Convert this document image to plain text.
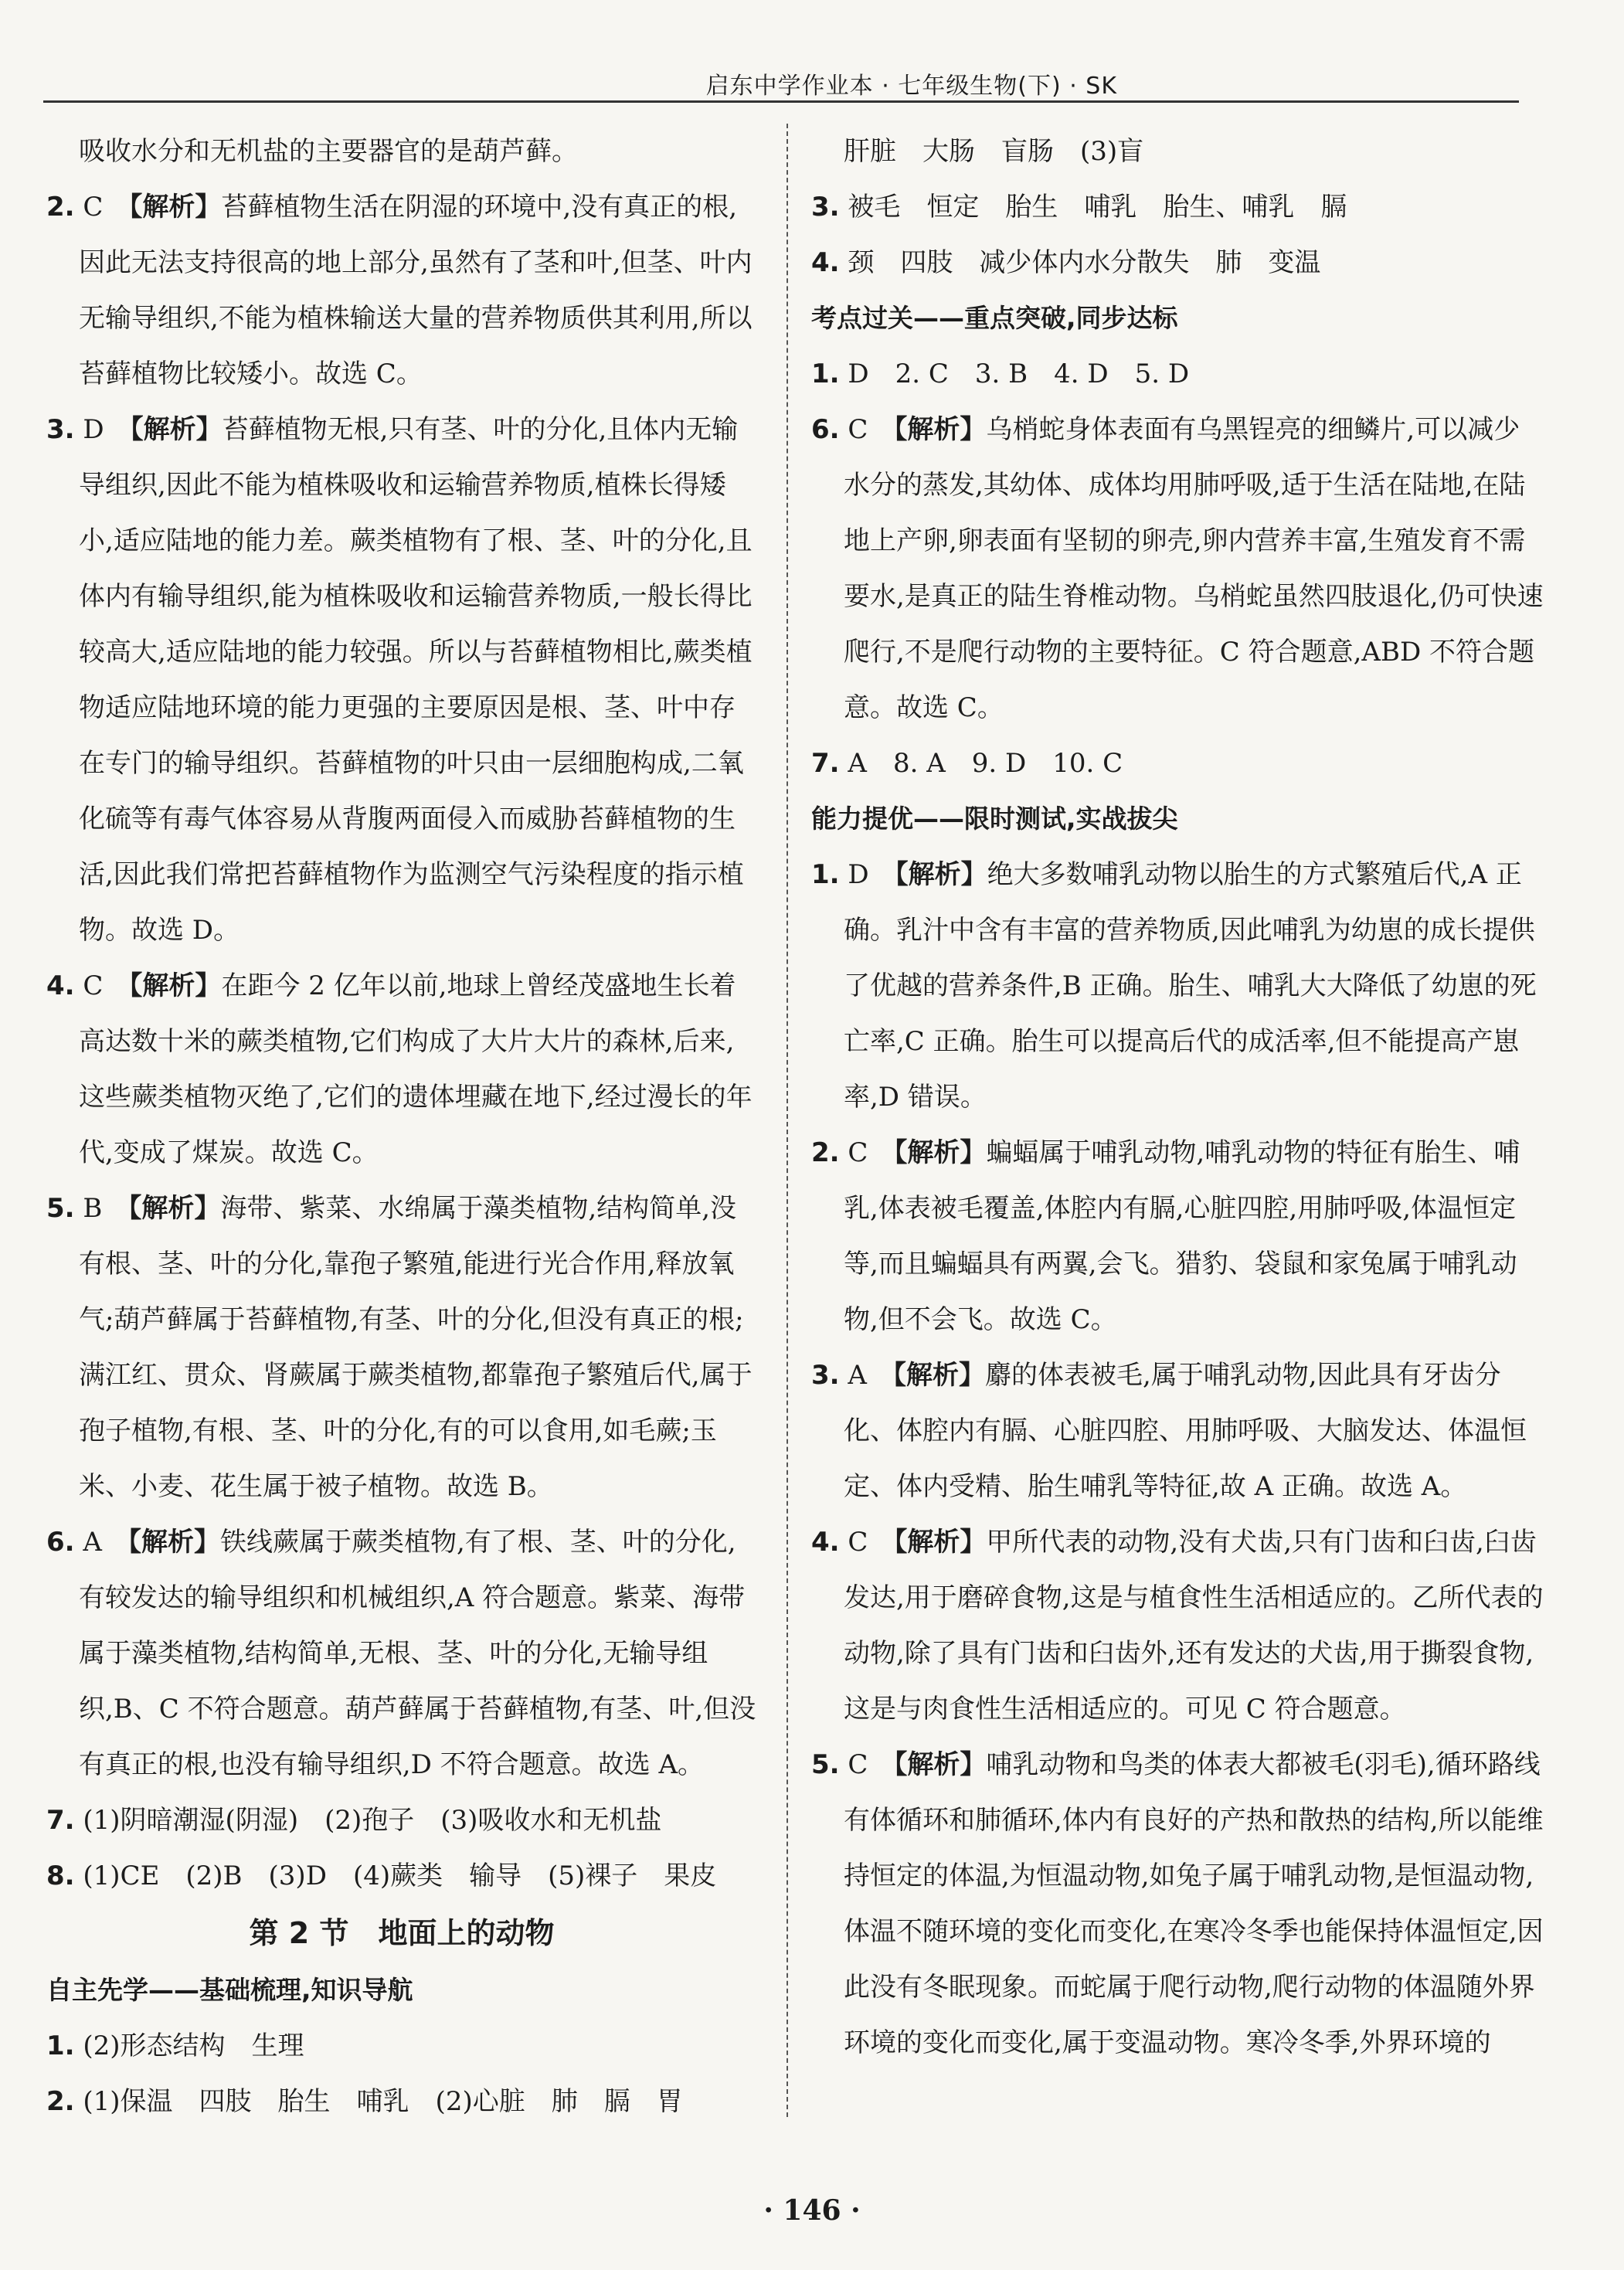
启东中学作业本 · 七年级生物(下) · SK

吸收水分和无机盐的主要器官的是葫芦藓。

2. C　 【解析】苔藓植物生活在阴湿的环境中,没有真正的根,因此无法支持很高的地上部分,虽然有了茎和叶,但茎、叶内无输导组织,不能为植株输送大量的营养物质供其利用,所以苔藓植物比较矮小。故选 C。

3. D　 【解析】苔藓植物无根,只有茎、叶的分化,且体内无输导组织,因此不能为植株吸收和运输营养物质,植株长得矮小,适应陆地的能力差。蕨类植物有了根、茎、叶的分化,且体内有输导组织,能为植株吸收和运输营养物质,一般长得比较高大,适应陆地的能力较强。所以与苔藓植物相比,蕨类植物适应陆地环境的能力更强的主要原因是根、茎、叶中存在专门的输导组织。苔藓植物的叶只由一层细胞构成,二氧化硫等有毒气体容易从背腹两面侵入而威胁苔藓植物的生活,因此我们常把苔藓植物作为监测空气污染程度的指示植物。故选 D。

4. C　 【解析】在距今 2 亿年以前,地球上曾经茂盛地生长着高达数十米的蕨类植物,它们构成了大片大片的森林,后来,这些蕨类植物灭绝了,它们的遗体埋藏在地下,经过漫长的年代,变成了煤炭。故选 C。

5. B　 【解析】海带、紫菜、水绵属于藻类植物,结构简单,没有根、茎、叶的分化,靠孢子繁殖,能进行光合作用,释放氧气;葫芦藓属于苔藓植物,有茎、叶的分化,但没有真正的根;满江红、贯众、肾蕨属于蕨类植物,都靠孢子繁殖后代,属于孢子植物,有根、茎、叶的分化,有的可以食用,如毛蕨;玉米、小麦、花生属于被子植物。故选 B。

6. A　 【解析】铁线蕨属于蕨类植物,有了根、茎、叶的分化,有较发达的输导组织和机械组织,A 符合题意。紫菜、海带属于藻类植物,结构简单,无根、茎、叶的分化,无输导组织,B、C 不符合题意。葫芦藓属于苔藓植物,有茎、叶,但没有真正的根,也没有输导组织,D 不符合题意。故选 A。

7. (1)阴暗潮湿(阴湿)　(2)孢子　(3)吸收水和无机盐

8. (1)CE　(2)B　(3)D　(4)蕨类　输导　(5)裸子　果皮

第 2 节　地面上的动物

自主先学——基础梳理,知识导航

1. (2)形态结构　生理

2. (1)保温　四肢　胎生　哺乳　(2)心脏　肺　膈　胃

肝脏　大肠　盲肠　(3)盲

3. 被毛　恒定　胎生　哺乳　胎生、哺乳　膈

4. 颈　四肢　减少体内水分散失　肺　变温

考点过关——重点突破,同步达标

1. D　2. C　3. B　4. D　5. D

6. C　 【解析】乌梢蛇身体表面有乌黑锃亮的细鳞片,可以减少水分的蒸发,其幼体、成体均用肺呼吸,适于生活在陆地,在陆地上产卵,卵表面有坚韧的卵壳,卵内营养丰富,生殖发育不需要水,是真正的陆生脊椎动物。乌梢蛇虽然四肢退化,仍可快速爬行,不是爬行动物的主要特征。C 符合题意,ABD 不符合题意。故选 C。

7. A　8. A　9. D　10. C

能力提优——限时测试,实战拔尖

1. D　 【解析】绝大多数哺乳动物以胎生的方式繁殖后代,A 正确。乳汁中含有丰富的营养物质,因此哺乳为幼崽的成长提供了优越的营养条件,B 正确。胎生、哺乳大大降低了幼崽的死亡率,C 正确。胎生可以提高后代的成活率,但不能提高产崽率,D 错误。

2. C　 【解析】蝙蝠属于哺乳动物,哺乳动物的特征有胎生、哺乳,体表被毛覆盖,体腔内有膈,心脏四腔,用肺呼吸,体温恒定等,而且蝙蝠具有两翼,会飞。猎豹、袋鼠和家兔属于哺乳动物,但不会飞。故选 C。

3. A　 【解析】麝的体表被毛,属于哺乳动物,因此具有牙齿分化、体腔内有膈、心脏四腔、用肺呼吸、大脑发达、体温恒定、体内受精、胎生哺乳等特征,故 A 正确。故选 A。

4. C　 【解析】甲所代表的动物,没有犬齿,只有门齿和臼齿,臼齿发达,用于磨碎食物,这是与植食性生活相适应的。乙所代表的动物,除了具有门齿和臼齿外,还有发达的犬齿,用于撕裂食物,这是与肉食性生活相适应的。可见 C 符合题意。

5. C　 【解析】哺乳动物和鸟类的体表大都被毛(羽毛),循环路线有体循环和肺循环,体内有良好的产热和散热的结构,所以能维持恒定的体温,为恒温动物,如兔子属于哺乳动物,是恒温动物,体温不随环境的变化而变化,在寒冷冬季也能保持体温恒定,因此没有冬眠现象。而蛇属于爬行动物,爬行动物的体温随外界环境的变化而变化,属于变温动物。寒冷冬季,外界环境的

· 146 ·
